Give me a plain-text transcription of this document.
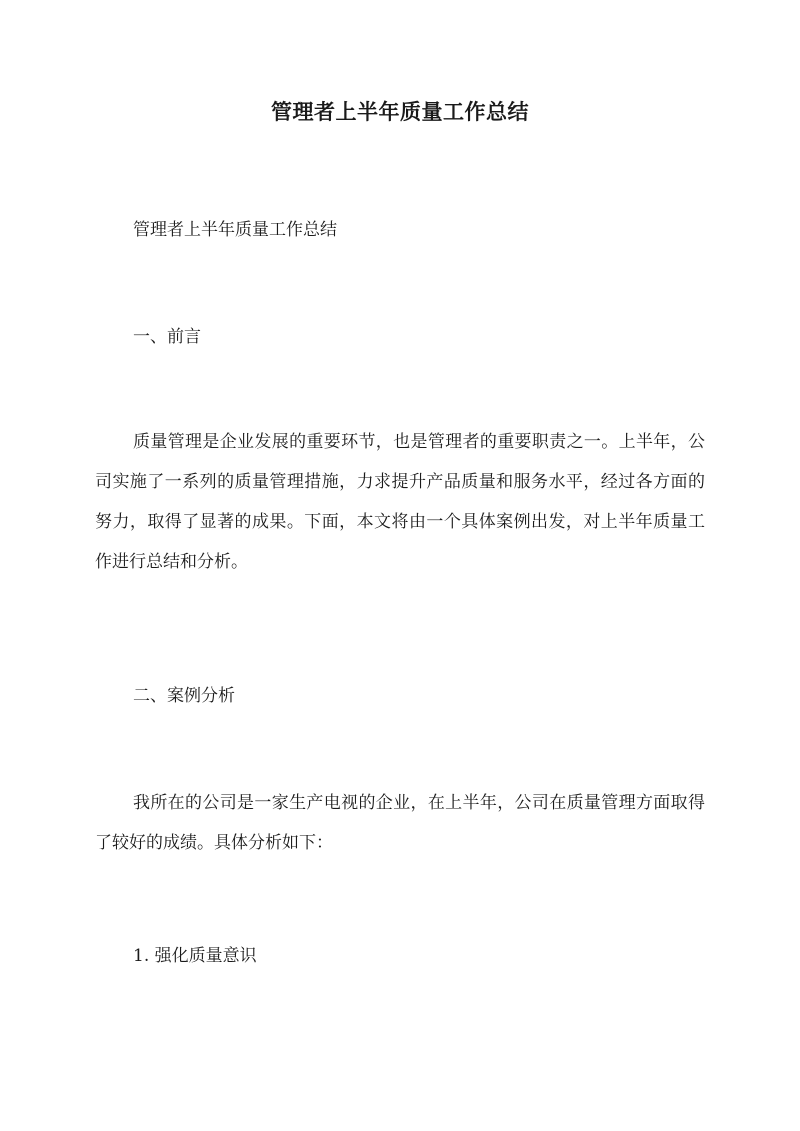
管理者上半年质量工作总结
管理者上半年质量工作总结
一、前言

质量管理是企业发展的重要环节，也是管理者的重要职责之一。上半年，公司实施了一系列的质量管理措施，力求提升产品质量和服务水平，经过各方面的努力，取得了显著的成果。下面，本文将由一个具体案例出发，对上半年质量工作进行总结和分析。

二、案例分析

我所在的公司是一家生产电视的企业，在上半年，公司在质量管理方面取得了较好的成绩。具体分析如下：

1. 强化质量意识
